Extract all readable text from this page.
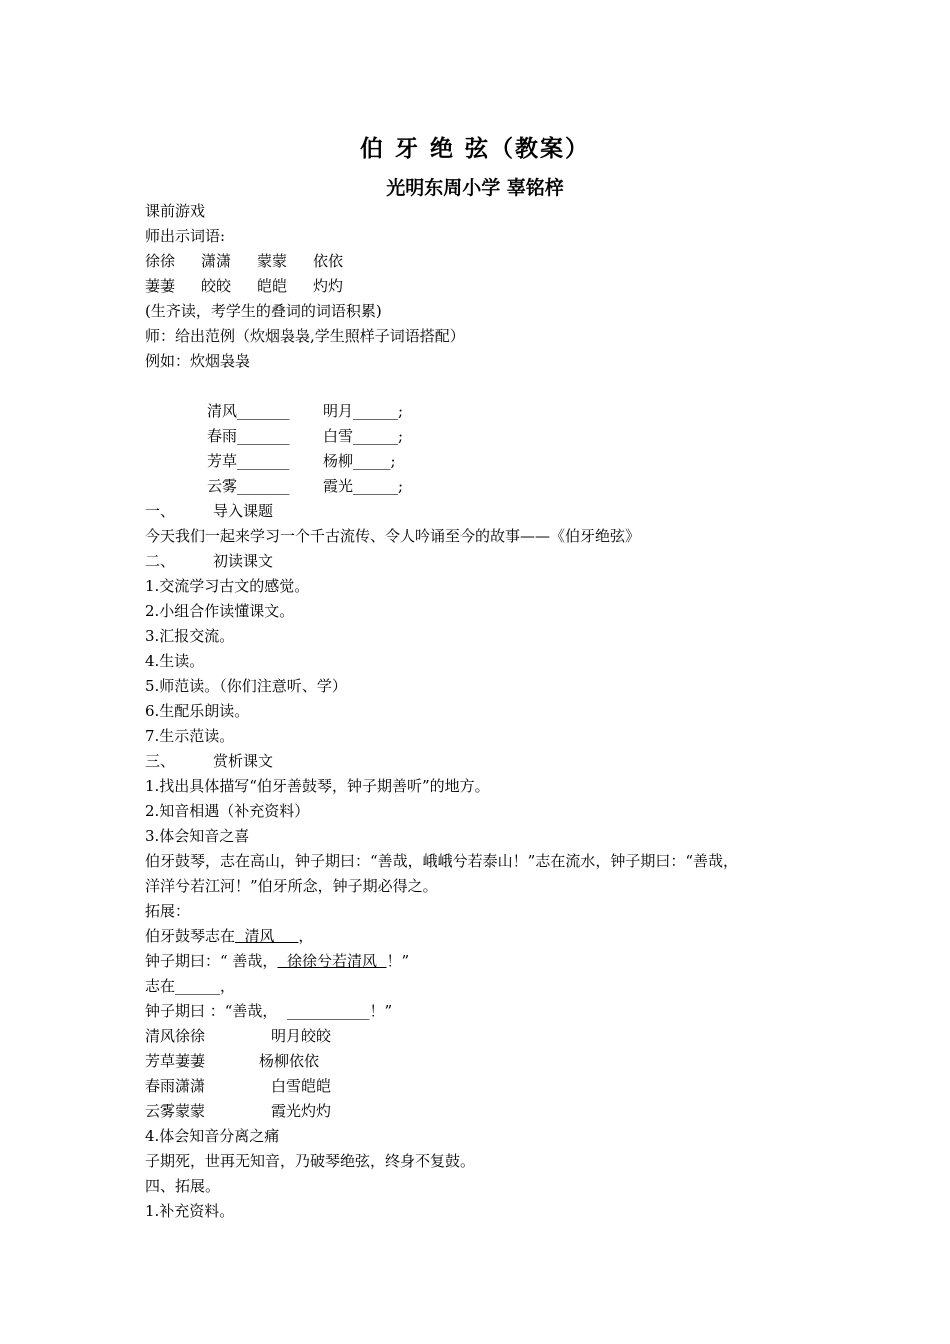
伯 牙 绝 弦（教案）
光明东周小学 辜铭梓
课前游戏
师出示词语:
徐徐 潇潇 蒙蒙 依依
萋萋 皎皎 皑皑 灼灼
(生齐读，考学生的叠词的词语积累)
师：给出范例（炊烟袅袅,学生照样子词语搭配）
例如：炊烟袅袅
清风_______ 明月______;
春雨_______ 白雪______;
芳草_______ 杨柳_____;
云雾_______ 霞光______;
一、	导入课题
今天我们一起来学习一个千古流传、令人吟诵至今的故事——《伯牙绝弦》
二、	初读课文
1.交流学习古文的感觉。
2.小组合作读懂课文。
3.汇报交流。
4.生读。
5.师范读。（你们注意听、学）
6.生配乐朗读。
7.生示范读。
三、	赏析课文
1.找出具体描写“伯牙善鼓琴，钟子期善听”的地方。
2.知音相遇（补充资料）
3.体会知音之喜
伯牙鼓琴，志在高山，钟子期曰：“善哉，峨峨兮若泰山！”志在流水，钟子期曰：“善哉，
洋洋兮若江河！”伯牙所念，钟子期必得之。
拓展：
伯牙鼓琴志在  清风     ，
钟子期曰：“ 善哉，  徐徐兮若清风  ！”
志在______，
钟子期曰 ：“善哉，  ___________！”
清风徐徐	明月皎皎
芳草萋萋	杨柳依依
春雨潇潇	白雪皑皑
云雾蒙蒙	霞光灼灼
4.体会知音分离之痛
子期死，世再无知音，乃破琴绝弦，终身不复鼓。
四、拓展。
1.补充资料。
